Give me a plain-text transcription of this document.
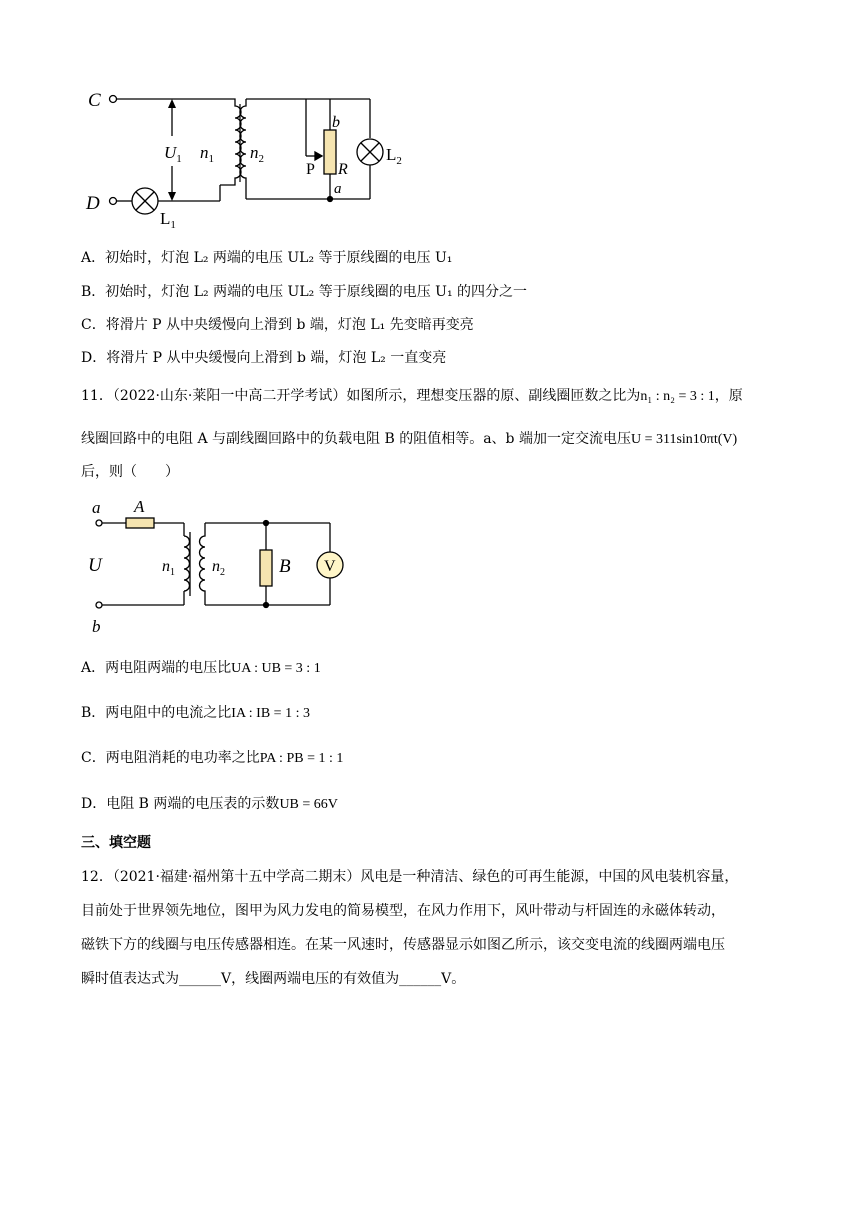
C
D
$U_1$ $n_1$ $n_2$
b
P R
a
$L_2$
$L_1$
A．初始时，灯泡 L₂ 两端的电压 UL₂ 等于原线圈的电压 U₁
B．初始时，灯泡 L₂ 两端的电压 UL₂ 等于原线圈的电压 U₁ 的四分之一
C．将滑片 P 从中央缓慢向上滑到 b 端，灯泡 L₁ 先变暗再变亮
D．将滑片 P 从中央缓慢向上滑到 b 端，灯泡 L₂ 一直变亮
11．（2022·山东·莱阳一中高二开学考试）如图所示，理想变压器的原、副线圈匝数之比为n₁ : n₂ = 3 : 1，原
线圈回路中的电阻 A 与副线圈回路中的负载电阻 B 的阻值相等。a、b 端加一定交流电压U = 311sin10πt(V)
后，则（　　）
a A
U	$n_1$ $n_2$	B V
b
A．两电阻两端的电压比UA : UB = 3 : 1
B．两电阻中的电流之比IA : IB = 1 : 3
C．两电阻消耗的电功率之比PA : PB = 1 : 1
D．电阻 B 两端的电压表的示数UB = 66V
三、填空题
12．（2021·福建·福州第十五中学高二期末）风电是一种清洁、绿色的可再生能源，中国的风电装机容量，
目前处于世界领先地位，图甲为风力发电的简易模型，在风力作用下，风叶带动与杆固连的永磁体转动，
磁铁下方的线圈与电压传感器相连。在某一风速时，传感器显示如图乙所示，该交变电流的线圈两端电压
瞬时值表达式为______V，线圈两端电压的有效值为______V。
